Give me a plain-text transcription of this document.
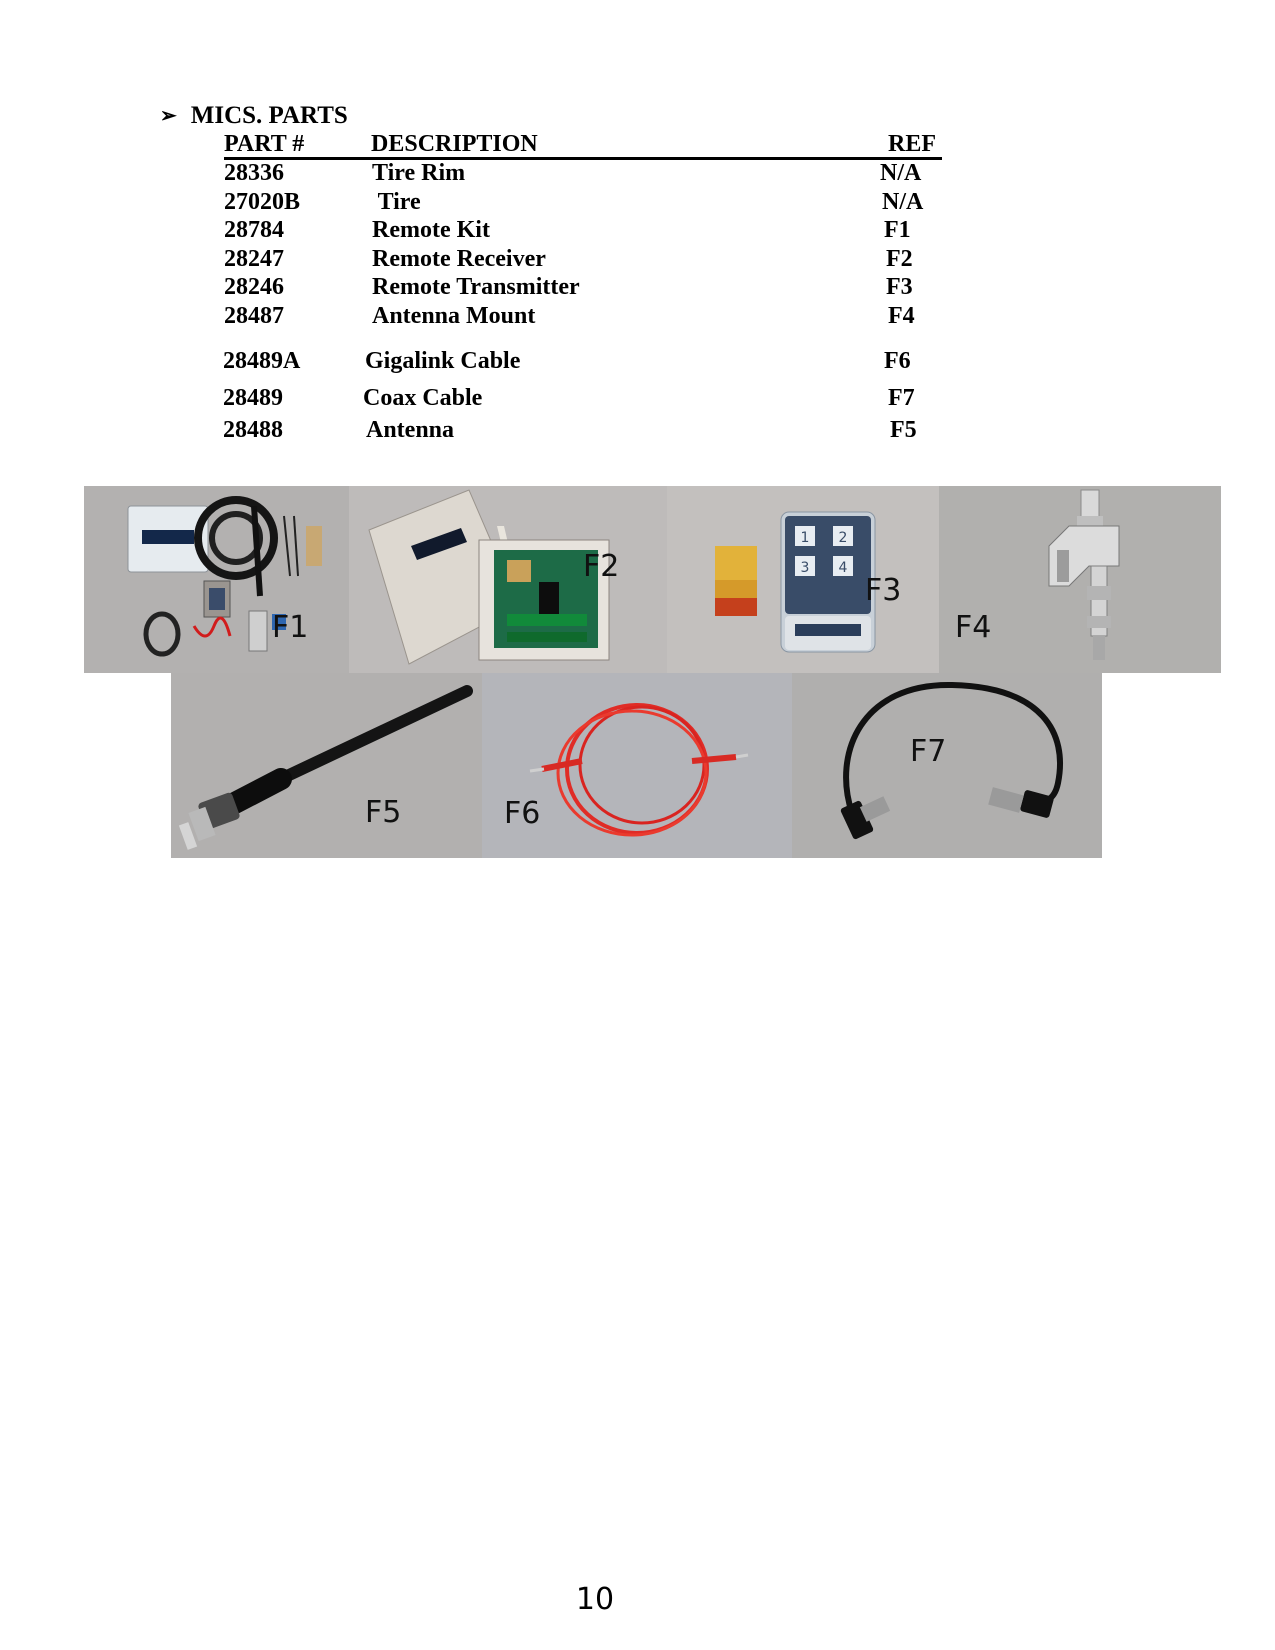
➢ MICS. PARTS
PART #	DESCRIPTION	REF
28336	Tire Rim	N/A
27020B	Tire	N/A
28784	Remote Kit	F1
28247	Remote Receiver	F2
28246	Remote Transmitter	F3
28487	Antenna Mount	F4
28489A	Gigalink Cable	F6
28489	Coax Cable	F7
28488	Antenna	F5
F1
F2
1 2
3 4
F3
F4
F5	F6
F7
10
